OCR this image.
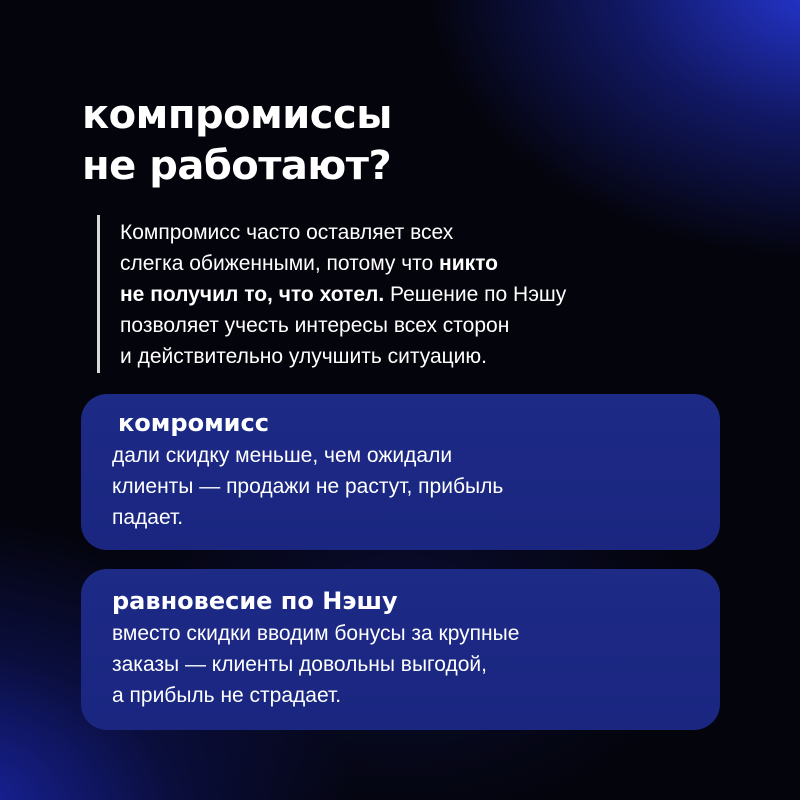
компромиссы
не работают?
Компромисс часто оставляет всех
слегка обиженными, потому что никто
не получил то, что хотел. Решение по Нэшу
позволяет учесть интересы всех сторон
и действительно улучшить ситуацию.
комромисс
дали скидку меньше, чем ожидали
клиенты — продажи не растут, прибыль
падает.
равновесие по Нэшу
вместо скидки вводим бонусы за крупные
заказы — клиенты довольны выгодой,
а прибыль не страдает.
